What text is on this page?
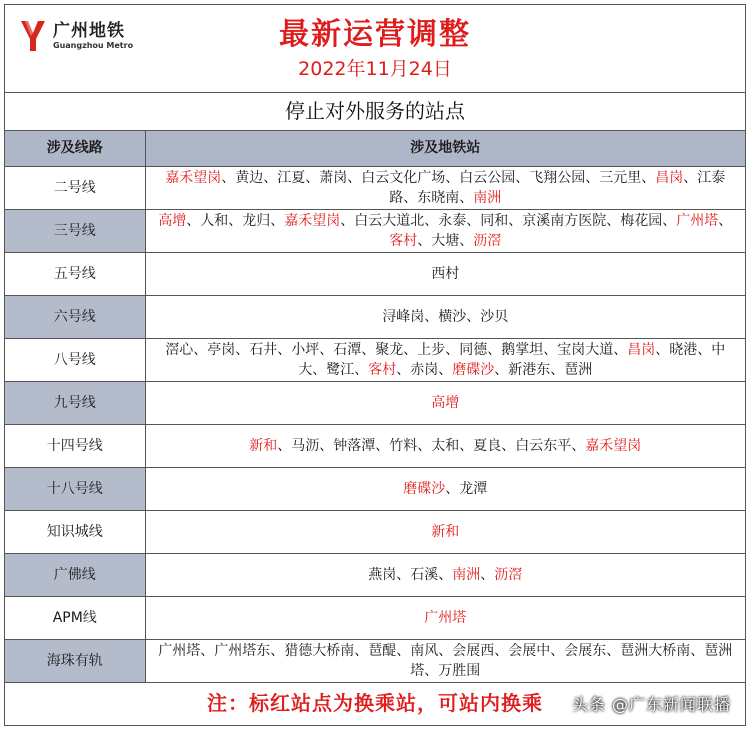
广州地铁
Guangzhou Metro	最新运营调整
2022年11月24日
停止对外服务的站点
涉及线路	涉及地铁站
二号线	嘉禾望岗、黄边、江夏、萧岗、白云文化广场、白云公园、飞翔公园、三元里、昌岗、江泰路、东晓南、南洲
三号线	高增、人和、龙归、嘉禾望岗、白云大道北、永泰、同和、京溪南方医院、梅花园、广州塔、客村、大塘、沥滘
五号线	西村
六号线	浔峰岗、横沙、沙贝
八号线	滘心、亭岗、石井、小坪、石潭、聚龙、上步、同德、鹅掌坦、宝岗大道、昌岗、晓港、中大、鹭江、客村、赤岗、磨碟沙、新港东、琶洲
九号线	高增
十四号线	新和、马沥、钟落潭、竹料、太和、夏良、白云东平、嘉禾望岗
十八号线	磨碟沙、龙潭
知识城线	新和
广佛线	燕岗、石溪、南洲、沥滘
APM线	广州塔
海珠有轨	广州塔、广州塔东、猎德大桥南、琶醍、南风、会展西、会展中、会展东、琶洲大桥南、琶洲塔、万胜围
注：标红站点为换乘站，可站内换乘	头条 @广东新闻联播
